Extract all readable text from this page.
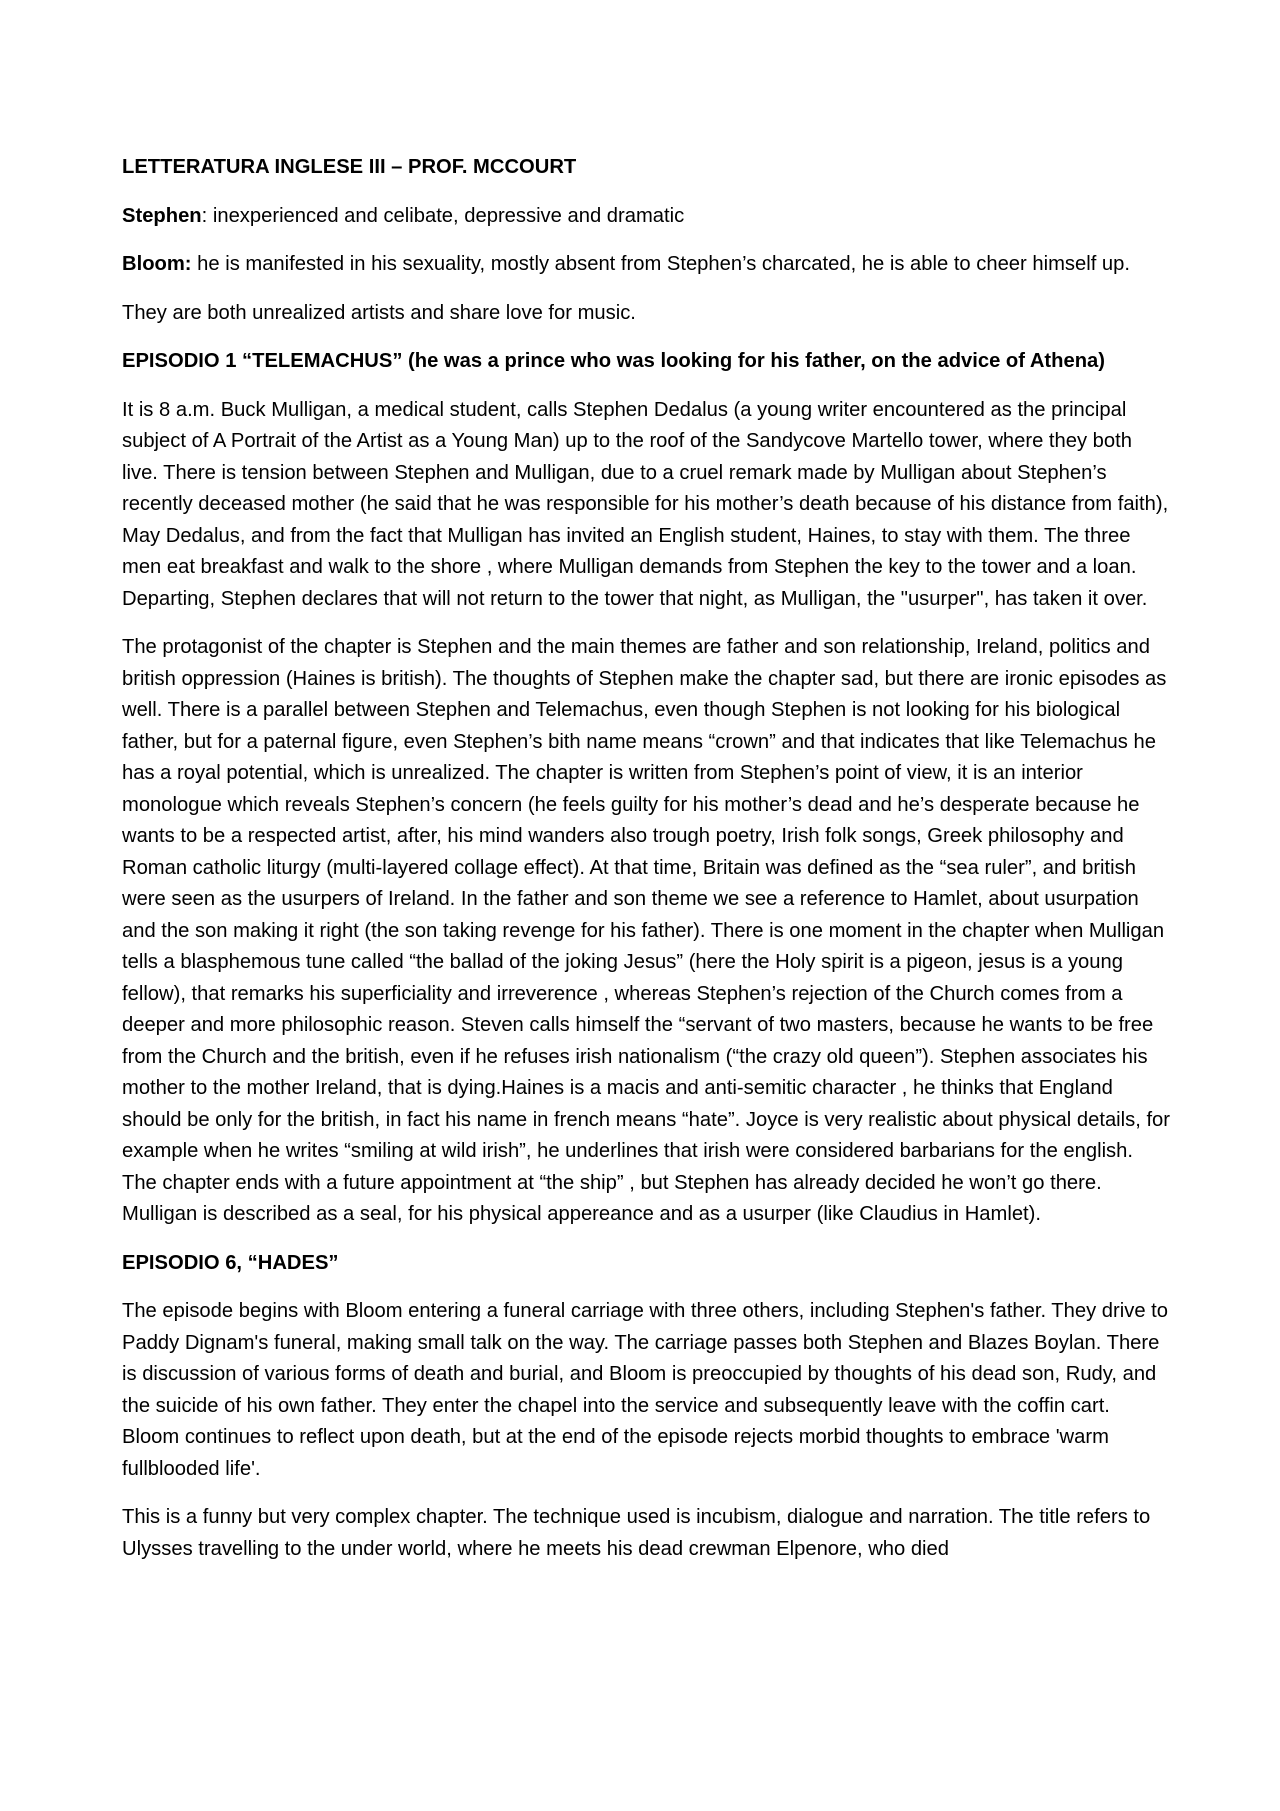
LETTERATURA INGLESE III – PROF. MCCOURT

Stephen: inexperienced and celibate, depressive and dramatic

Bloom: he is manifested in his sexuality, mostly absent from Stephen’s charcated, he is able to cheer himself up.

They are both unrealized artists and share love for music.

EPISODIO 1 “TELEMACHUS” (he was a prince who was looking for his father, on the advice of Athena)

It is 8 a.m. Buck Mulligan, a medical student, calls Stephen Dedalus (a young writer encountered as the principal subject of A Portrait of the Artist as a Young Man) up to the roof of the Sandycove Martello tower, where they both live. There is tension between Stephen and Mulligan, due to a cruel remark made by Mulligan about Stephen’s recently deceased mother (he said that he was responsible for his mother’s death because of his distance from faith), May Dedalus, and from the fact that Mulligan has invited an English student, Haines, to stay with them. The three men eat breakfast and walk to the shore , where Mulligan demands from Stephen the key to the tower and a loan. Departing, Stephen declares that will not return to the tower that night, as Mulligan, the "usurper", has taken it over.

The protagonist of the chapter is Stephen and the main themes are father and son relationship, Ireland, politics and british oppression (Haines is british). The thoughts of Stephen make the chapter sad, but there are ironic episodes as well. There is a parallel between Stephen and Telemachus, even though Stephen is not looking for his biological father, but for a paternal figure, even Stephen’s bith name means “crown” and that indicates that like Telemachus he has a royal potential, which is unrealized. The chapter is written from Stephen’s point of view, it is an interior monologue which reveals Stephen’s concern (he feels guilty for his mother’s dead and he’s desperate because he wants to be a respected artist, after, his mind wanders also trough poetry, Irish folk songs, Greek philosophy and Roman catholic liturgy (multi-layered collage effect). At that time, Britain was defined as the “sea ruler”, and british were seen as the usurpers of Ireland. In the father and son theme we see a reference to Hamlet, about usurpation and the son making it right (the son taking revenge for his father). There is one moment in the chapter when Mulligan tells a blasphemous tune called “the ballad of the joking Jesus” (here the Holy spirit is a pigeon, jesus is a young fellow), that remarks his superficiality and irreverence , whereas Stephen’s rejection of the Church comes from a deeper and more philosophic reason. Steven calls himself the “servant of two masters, because he wants to be free from the Church and the british, even if he refuses irish nationalism (“the crazy old queen”). Stephen associates his mother to the mother Ireland, that is dying.Haines is a macis and anti-semitic character , he thinks that England should be only for the british, in fact his name in french means “hate”. Joyce is very realistic about physical details, for example when he writes “smiling at wild irish”, he underlines that irish were considered barbarians for the english. The chapter ends with a future appointment at “the ship” , but Stephen has already decided he won’t go there. Mulligan is described as a seal, for his physical appereance and as a usurper (like Claudius in Hamlet).

EPISODIO 6, “HADES”

The episode begins with Bloom entering a funeral carriage with three others, including Stephen's father. They drive to Paddy Dignam's funeral, making small talk on the way. The carriage passes both Stephen and Blazes Boylan. There is discussion of various forms of death and burial, and Bloom is preoccupied by thoughts of his dead son, Rudy, and the suicide of his own father. They enter the chapel into the service and subsequently leave with the coffin cart. Bloom continues to reflect upon death, but at the end of the episode rejects morbid thoughts to embrace 'warm fullblooded life'.

This is a funny but very complex chapter. The technique used is incubism, dialogue and narration. The title refers to Ulysses travelling to the under world, where he meets his dead crewman Elpenore, who died
